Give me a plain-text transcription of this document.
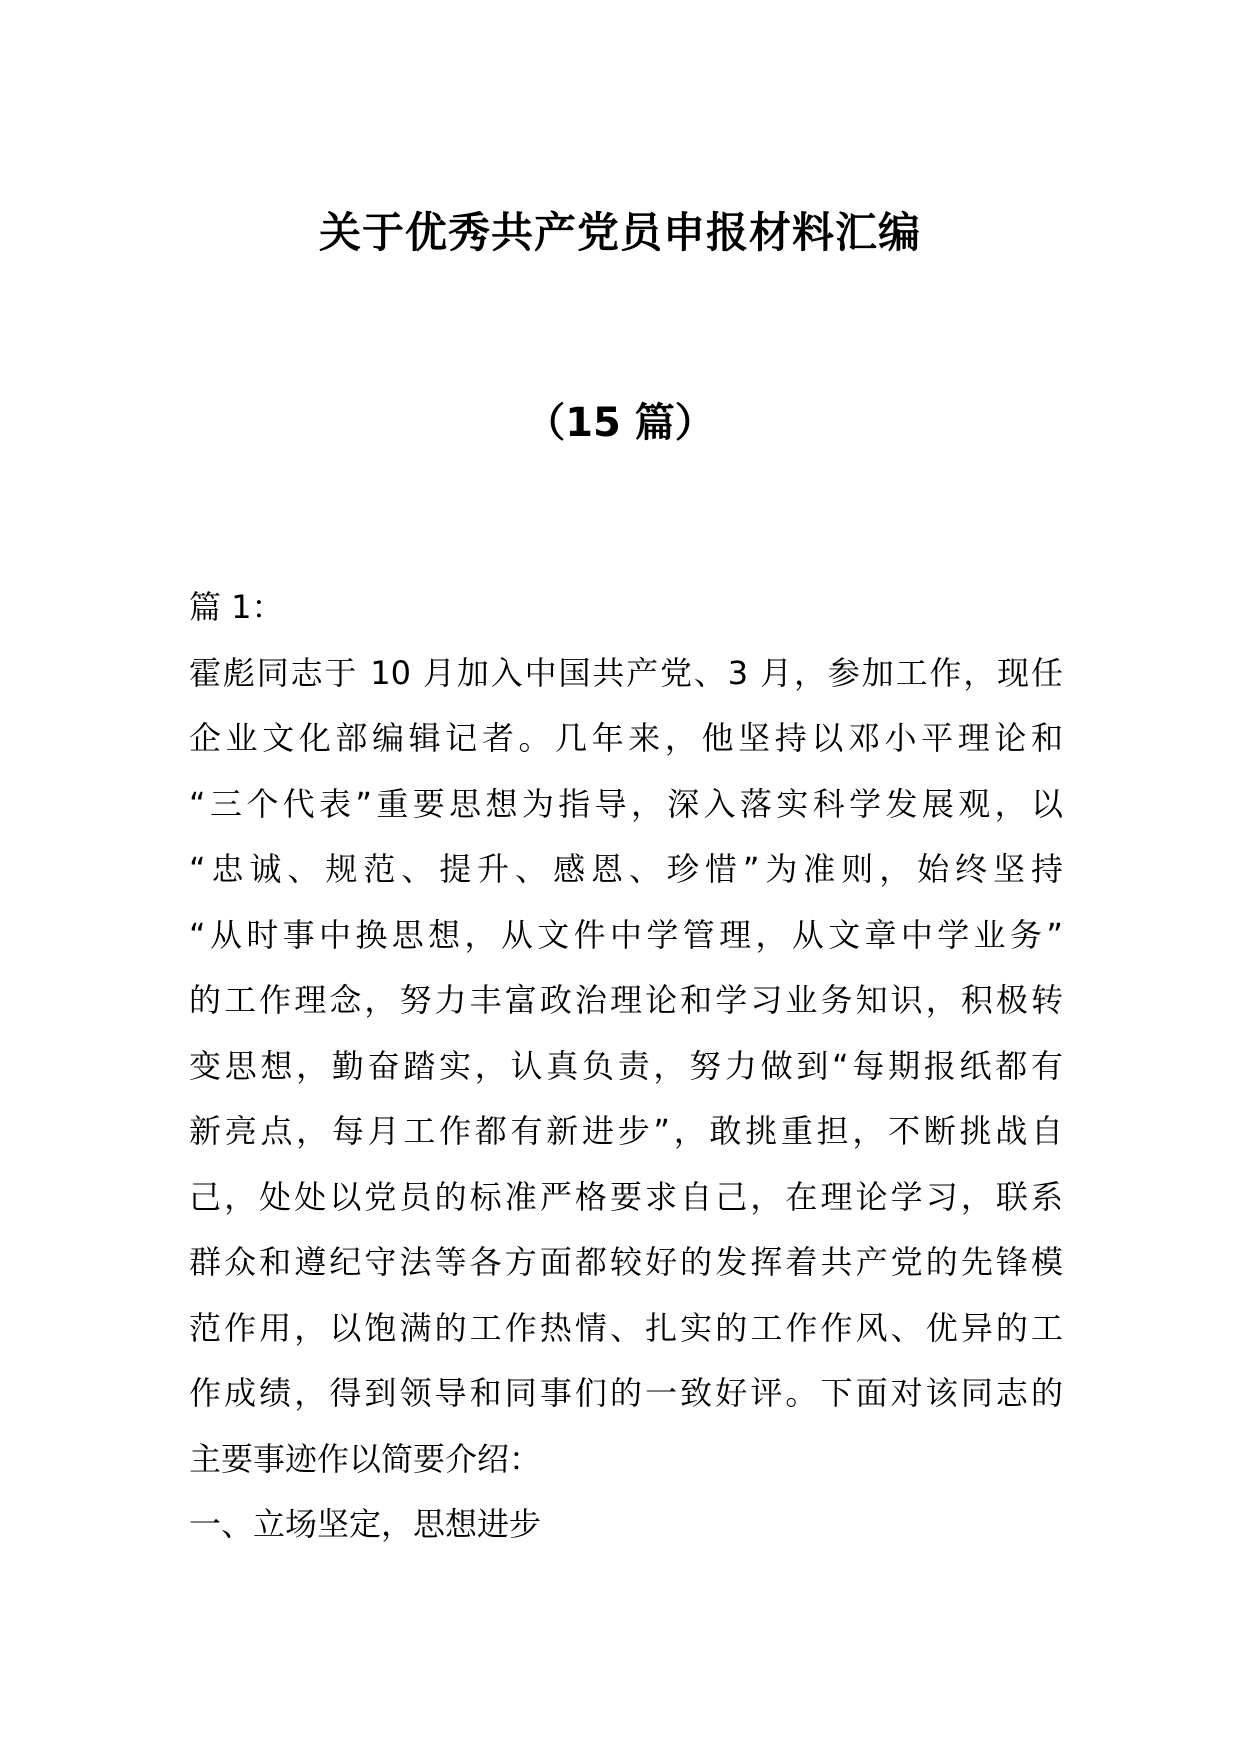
关于优秀共产党员申报材料汇编
（15 篇）
篇 1：
霍彪同志于 10 月加入中国共产党、3 月，参加工作，现任
企业文化部编辑记者。几年来，他坚持以邓小平理论和
“三个代表”重要思想为指导，深入落实科学发展观，以
“忠诚、规范、提升、感恩、珍惜”为准则，始终坚持
“从时事中换思想，从文件中学管理，从文章中学业务”
的工作理念，努力丰富政治理论和学习业务知识，积极转
变思想，勤奋踏实，认真负责，努力做到“每期报纸都有
新亮点，每月工作都有新进步”，敢挑重担，不断挑战自
己，处处以党员的标准严格要求自己，在理论学习，联系
群众和遵纪守法等各方面都较好的发挥着共产党的先锋模
范作用，以饱满的工作热情、扎实的工作作风、优异的工
作成绩，得到领导和同事们的一致好评。下面对该同志的
主要事迹作以简要介绍：
一、立场坚定，思想进步
